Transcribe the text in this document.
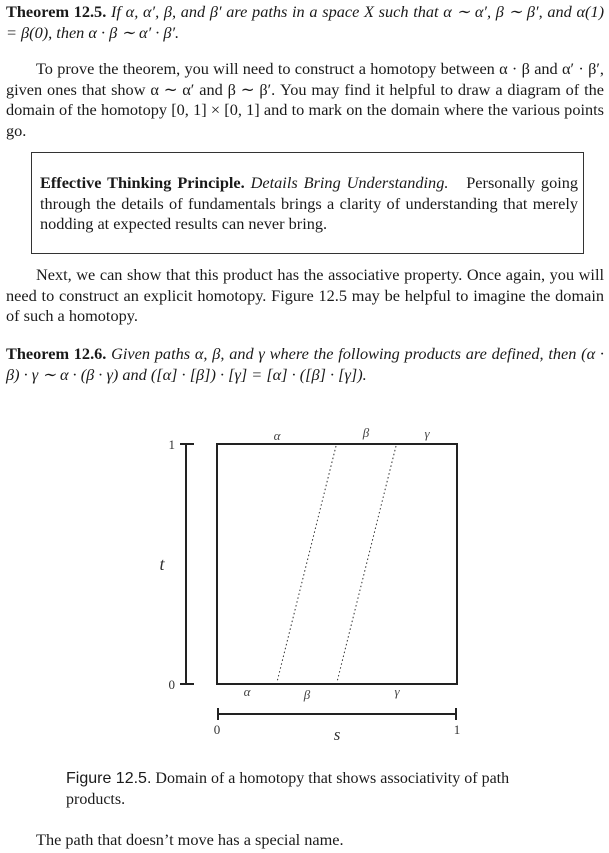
Theorem 12.5. If α, α′, β, and β′ are paths in a space X such that α ∼ α′, β ∼ β′, and α(1) = β(0), then α · β ∼ α′ · β′.
To prove the theorem, you will need to construct a homotopy between α · β and α′ · β′, given ones that show α ∼ α′ and β ∼ β′. You may find it helpful to draw a diagram of the domain of the homotopy [0, 1] × [0, 1] and to mark on the domain where the various points go.
Effective Thinking Principle. Details Bring Understanding. Personally going through the details of fundamentals brings a clarity of understanding that merely nodding at expected results can never bring.
Next, we can show that this product has the associative property. Once again, you will need to construct an explicit homotopy. Figure 12.5 may be helpful to imagine the domain of such a homotopy.
Theorem 12.6. Given paths α, β, and γ where the following products are defined, then (α · β) · γ ∼ α · (β · γ) and ([α] · [β]) · [γ] = [α] · ([β] · [γ]).
1
0
t
α	β	γ
α	β	γ
0	1
s
Figure 12.5. Domain of a homotopy that shows associativity of path products.
The path that doesn’t move has a special name.
